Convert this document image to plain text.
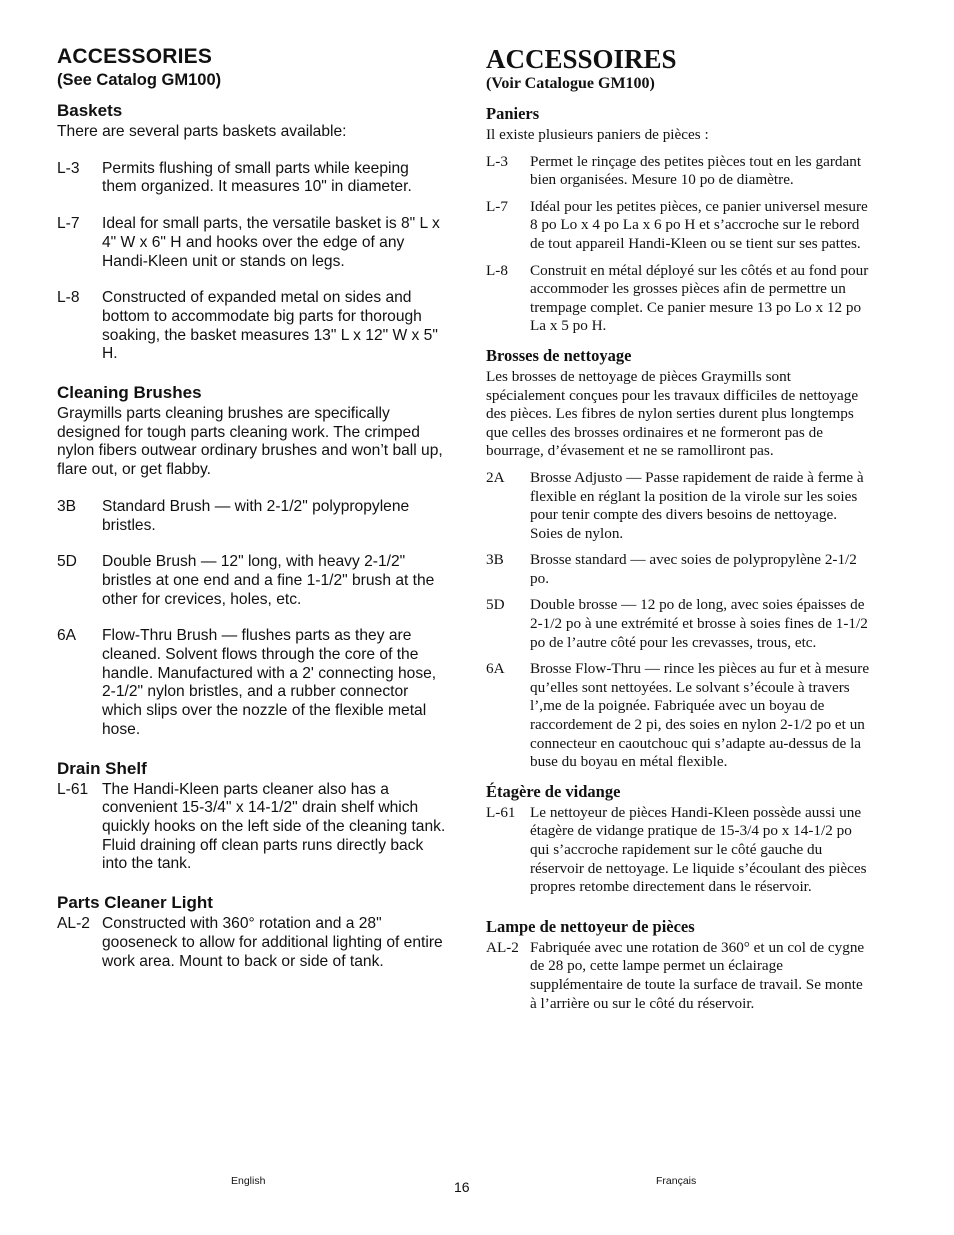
ACCESSORIES
(See Catalog GM100)
Baskets
There are several parts baskets available:
L-3	Permits flushing of small parts while keeping them organized. It measures 10" in diameter.
L-7	Ideal for small parts, the versatile basket is 8" L x 4" W x 6" H and hooks over the edge of any Handi-Kleen unit or stands on legs.
L-8	Constructed of expanded metal on sides and bottom to accommodate big parts for thorough soaking, the basket measures 13" L x 12" W x 5" H.
Cleaning Brushes
Graymills parts cleaning brushes are specifically designed for tough parts cleaning work. The crimped nylon fibers outwear ordinary brushes and won’t ball up, flare out, or get flabby.
3B	Standard Brush — with 2-1/2" polypropylene bristles.
5D	Double Brush — 12" long, with heavy 2-1/2" bristles at one end and a fine 1-1/2" brush at the other for crevices, holes, etc.
6A	Flow-Thru Brush — flushes parts as they are cleaned. Solvent flows through the core of the handle. Manufactured with a 2' connecting hose, 2-1/2" nylon bristles, and a rubber connector which slips over the nozzle of the flexible metal hose.
Drain Shelf
L-61 The Handi-Kleen parts cleaner also has a convenient 15-3/4" x 14-1/2" drain shelf which quickly hooks on the left side of the cleaning tank. Fluid draining off clean parts runs directly back into the tank.
Parts Cleaner Light
AL-2 Constructed with 360° rotation and a 28" gooseneck to allow for additional lighting of entire work area. Mount to back or side of tank.
ACCESSOIRES
(Voir Catalogue GM100)
Paniers
Il existe plusieurs paniers de pièces :
L-3	Permet le rinçage des petites pièces tout en les gardant bien organisées. Mesure 10 po de diamètre.
L-7	Idéal pour les petites pièces, ce panier universel mesure 8 po Lo x 4 po La x 6 po H et s’accroche sur le rebord de tout appareil Handi-Kleen ou se tient sur ses pattes.
L-8	Construit en métal déployé sur les côtés et au fond pour accommoder les grosses pièces afin de permettre un trempage complet. Ce panier mesure 13 po Lo x 12 po La x 5 po H.
Brosses de nettoyage
Les brosses de nettoyage de pièces Graymills sont spécialement conçues pour les travaux difficiles de nettoyage des pièces. Les fibres de nylon serties durent plus longtemps que celles des brosses ordinaires et ne formeront pas de bourrage, d’évasement et ne se ramolliront pas.
2A	Brosse Adjusto — Passe rapidement de raide à ferme à flexible en réglant la position de la virole sur les soies pour tenir compte des divers besoins de nettoyage. Soies de nylon.
3B	Brosse standard — avec soies de polypropylène 2-1/2 po.
5D	Double brosse — 12 po de long, avec soies épaisses de 2-1/2 po à une extrémité et brosse à soies fines de 1-1/2 po de l’autre côté pour les crevasses, trous, etc.
6A	Brosse Flow-Thru — rince les pièces au fur et à mesure qu’elles sont nettoyées. Le solvant s’écoule à travers l’,me de la poignée. Fabriquée avec un boyau de raccordement de 2 pi, des soies en nylon 2-1/2 po et un connecteur en caoutchouc qui s’adapte au-dessus de la buse du boyau en métal flexible.
Étagère de vidange
L-61 Le nettoyeur de pièces Handi-Kleen possède aussi une étagère de vidange pratique de 15-3/4 po x 14-1/2 po qui s’accroche rapidement sur le côté gauche du réservoir de nettoyage. Le liquide s’écoulant des pièces propres retombe directement dans le réservoir.
Lampe de nettoyeur de pièces
AL-2 Fabriquée avec une rotation de 360° et un col de cygne de 28 po, cette lampe permet un éclairage supplémentaire de toute la surface de travail. Se monte à l’arrière ou sur le côté du réservoir.
English	16	Français
